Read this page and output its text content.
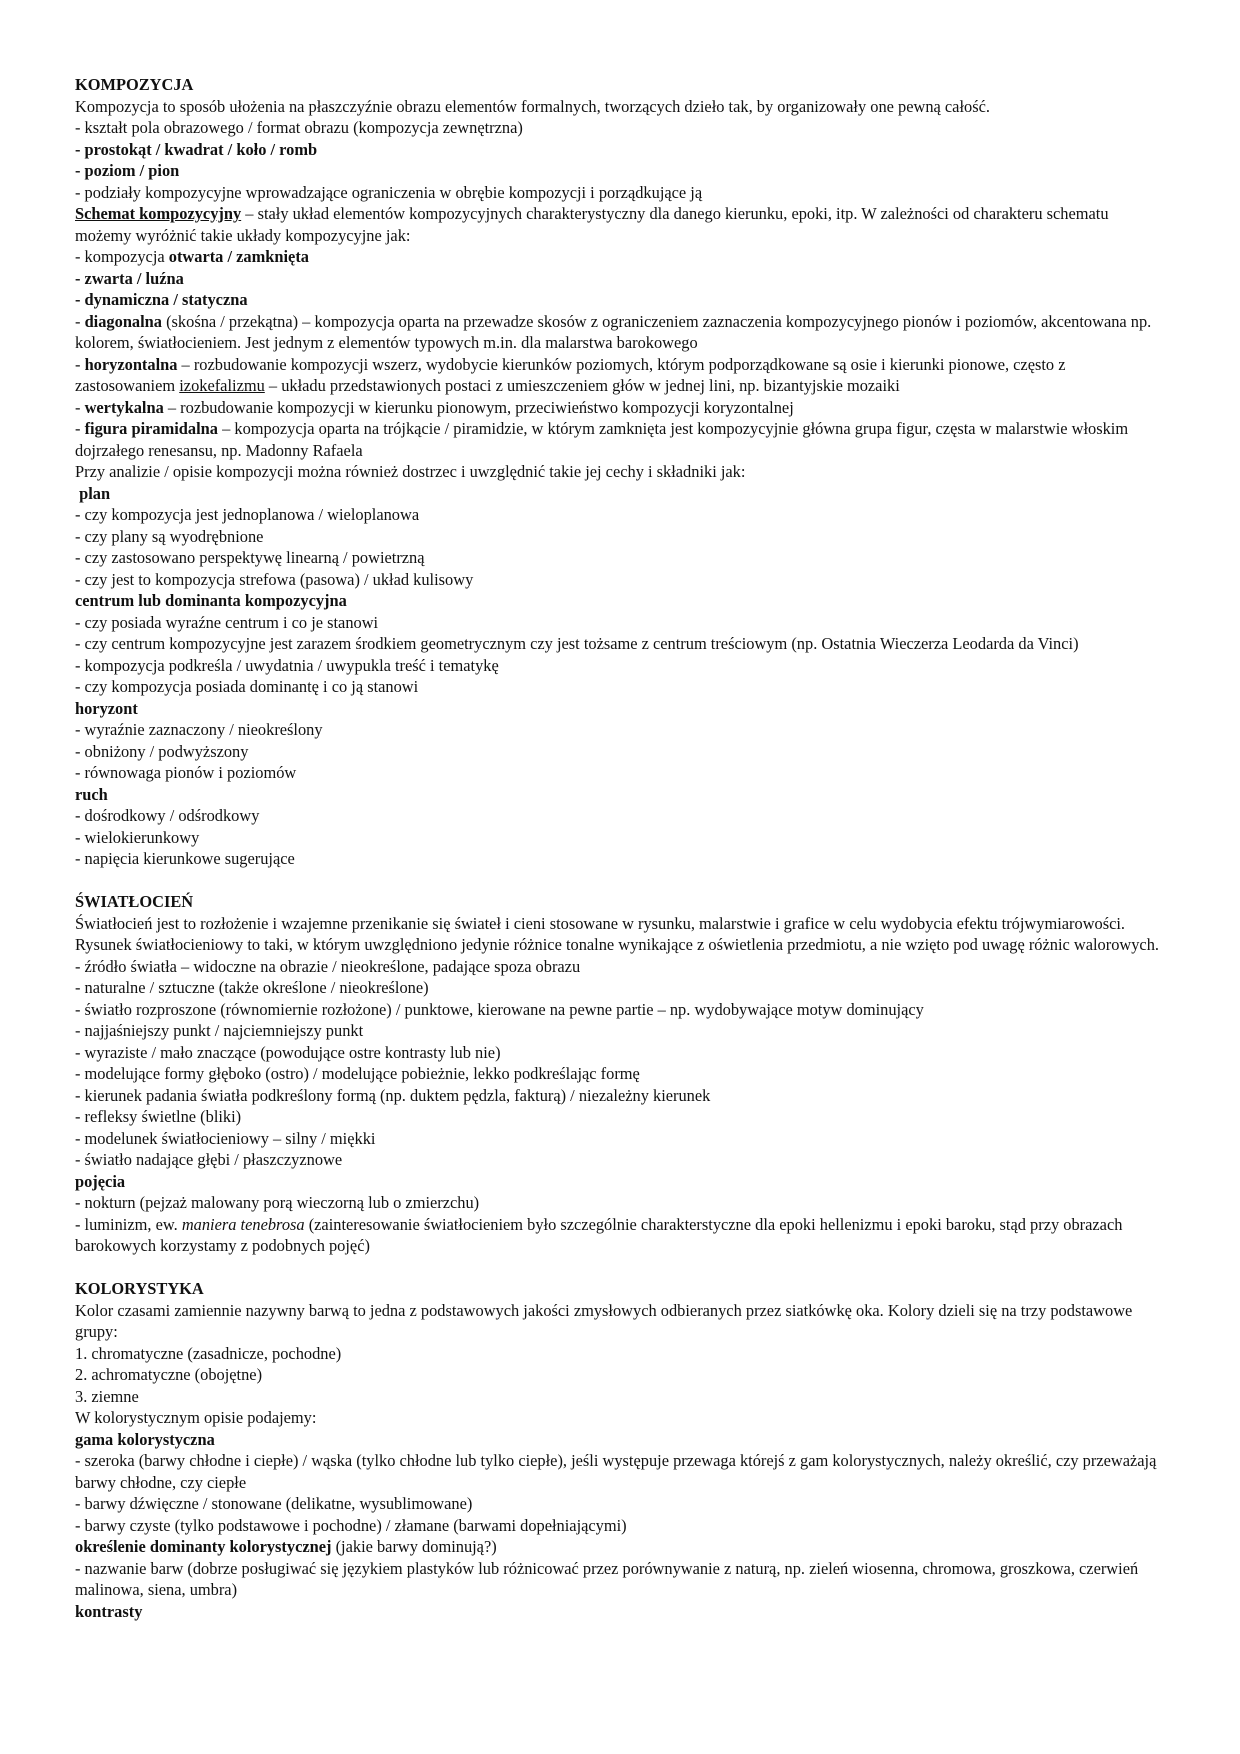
KOMPOZYCJA
Kompozycja to sposób ułożenia na płaszczyźnie obrazu elementów formalnych, tworzących dzieło tak, by organizowały one pewną całość.
- kształt pola obrazowego / format obrazu (kompozycja zewnętrzna)
- prostokąt / kwadrat / koło / romb
- poziom / pion
- podziały kompozycyjne wprowadzające ograniczenia w obrębie kompozycji i porządkujące ją
Schemat kompozycyjny – stały układ elementów kompozycyjnych charakterystyczny dla danego kierunku, epoki, itp. W zależności od charakteru schematu możemy wyróżnić takie układy kompozycyjne jak:
- kompozycja otwarta / zamknięta
- zwarta / luźna
- dynamiczna / statyczna
- diagonalna (skośna / przekątna) – kompozycja oparta na przewadze skosów z ograniczeniem zaznaczenia kompozycyjnego pionów i poziomów, akcentowana np. kolorem, światłocieniem. Jest jednym z elementów typowych m.in. dla malarstwa barokowego
- horyzontalna – rozbudowanie kompozycji wszerz, wydobycie kierunków poziomych, którym podporządkowane są osie i kierunki pionowe, często z zastosowaniem izokefalizmu – układu przedstawionych postaci z umieszczeniem głów w jednej lini, np. bizantyjskie mozaiki
- wertykalna – rozbudowanie kompozycji w kierunku pionowym, przeciwieństwo kompozycji koryzontalnej
- figura piramidalna – kompozycja oparta na trójkącie / piramidzie, w którym zamknięta jest kompozycyjnie główna grupa figur, częsta w malarstwie włoskim dojrzałego renesansu, np. Madonny Rafaela
Przy analizie / opisie kompozycji można również dostrzec i uwzględnić takie jej cechy i składniki jak:
plan
- czy kompozycja jest jednoplanowa / wieloplanowa
- czy plany są wyodrębnione
- czy zastosowano perspektywę linearną / powietrzną
- czy jest to kompozycja strefowa (pasowa) / układ kulisowy
centrum lub dominanta kompozycyjna
- czy posiada wyraźne centrum i co je stanowi
- czy centrum kompozycyjne jest zarazem środkiem geometrycznym czy jest tożsame z centrum treściowym (np. Ostatnia Wieczerza Leodarda da Vinci)
- kompozycja podkreśla / uwydatnia / uwypukla treść i tematykę
- czy kompozycja posiada dominantę i co ją stanowi
horyzont
- wyraźnie zaznaczony / nieokreślony
- obniżony / podwyższony
- równowaga pionów i poziomów
ruch
- dośrodkowy / odśrodkowy
- wielokierunkowy
- napięcia kierunkowe sugerujące
ŚWIATŁOCIEŃ
Światłocień jest to rozłożenie i wzajemne przenikanie się świateł i cieni stosowane w rysunku, malarstwie i grafice w celu wydobycia efektu trójwymiarowości. Rysunek światłocieniowy to taki, w którym uwzględniono jedynie różnice tonalne wynikające z oświetlenia przedmiotu, a nie wzięto pod uwagę różnic walorowych.
- źródło światła – widoczne na obrazie / nieokreślone, padające spoza obrazu
- naturalne / sztuczne (także określone / nieokreślone)
- światło rozproszone (równomiernie rozłożone) / punktowe, kierowane na pewne partie – np. wydobywające motyw dominujący
- najjaśniejszy punkt / najciemniejszy punkt
- wyraziste / mało znaczące (powodujące ostre kontrasty lub nie)
- modelujące formy głęboko (ostro) / modelujące pobieżnie, lekko podkreślając formę
- kierunek padania światła podkreślony formą (np. duktem pędzla, fakturą) / niezależny kierunek
- refleksy świetlne (bliki)
- modelunek światłocieniowy – silny / miękki
- światło nadające głębi / płaszczyznowe
pojęcia
- nokturn (pejzaż malowany porą wieczorną lub o zmierzchu)
- luminizm, ew. maniera tenebrosa (zainteresowanie światłocieniem było szczególnie charakterstyczne dla epoki hellenizmu i epoki baroku, stąd przy obrazach barokowych korzystamy z podobnych pojęć)
KOLORYSTYKA
Kolor czasami zamiennie nazywny barwą to jedna z podstawowych jakości zmysłowych odbieranych przez siatkówkę oka. Kolory dzieli się na trzy podstawowe grupy:
1. chromatyczne (zasadnicze, pochodne)
2. achromatyczne (obojętne)
3. ziemne
W kolorystycznym opisie podajemy:
gama kolorystyczna
- szeroka (barwy chłodne i ciepłe) / wąska (tylko chłodne lub tylko ciepłe), jeśli występuje przewaga którejś z gam kolorystycznych, należy określić, czy przeważają barwy chłodne, czy ciepłe
- barwy dźwięczne / stonowane (delikatne, wysublimowane)
- barwy czyste (tylko podstawowe i pochodne) / złamane (barwami dopełniającymi)
określenie dominanty kolorystycznej (jakie barwy dominują?)
- nazwanie barw (dobrze posługiwać się językiem plastyków lub różnicować przez porównywanie z naturą, np. zieleń wiosenna, chromowa, groszkowa, czerwień malinowa, siena, umbra)
kontrasty
